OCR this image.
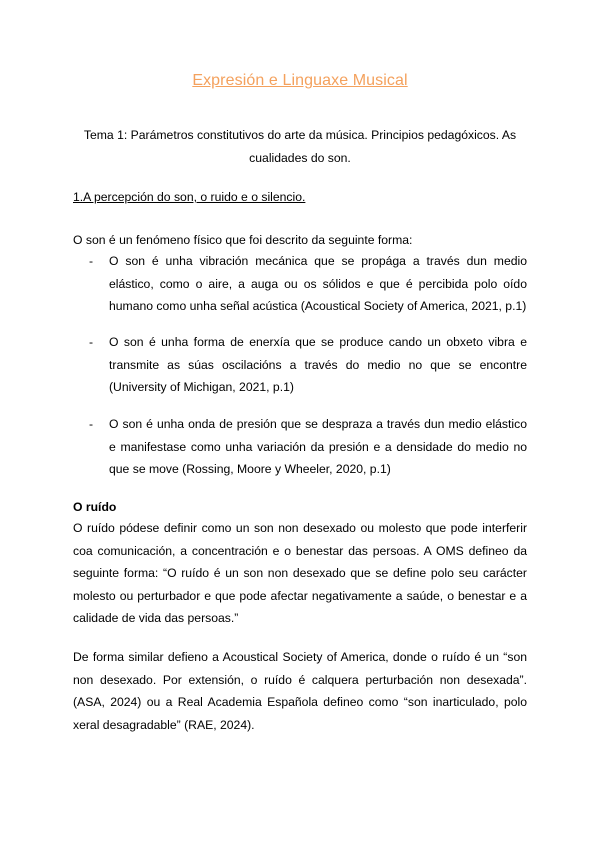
Expresión e Linguaxe Musical
Tema 1: Parámetros constitutivos do arte da música. Principios pedagóxicos. As cualidades do son.
1.A percepción do son, o ruido e o silencio.
O son é un fenómeno físico que foi descrito da seguinte forma:
- O son é unha vibración mecánica que se propága a través dun medio elástico, como o aire, a auga ou os sólidos e que é percibida polo oído humano como unha señal acústica (Acoustical Society of America, 2021, p.1)
- O son é unha forma de enerxía que se produce cando un obxeto vibra e transmite as súas oscilacións a través do medio no que se encontre (University of Michigan, 2021, p.1)
- O son é unha onda de presión que se despraza a través dun medio elástico e manifestase como unha variación da presión e a densidade do medio no que se move (Rossing, Moore y Wheeler, 2020, p.1)
O ruído
O ruído pódese definir como un son non desexado ou molesto que pode interferir coa comunicación, a concentración e o benestar das persoas. A OMS defineo da seguinte forma: “O ruído é un son non desexado que se define polo seu carácter molesto ou perturbador e que pode afectar negativamente a saúde, o benestar e a calidade de vida das persoas.”
De forma similar defieno a Acoustical Society of America, donde o ruído é un “son non desexado. Por extensión, o ruído é calquera perturbación non desexada”. (ASA, 2024) ou a Real Academia Española defineo como “son inarticulado, polo xeral desagradable” (RAE, 2024).
